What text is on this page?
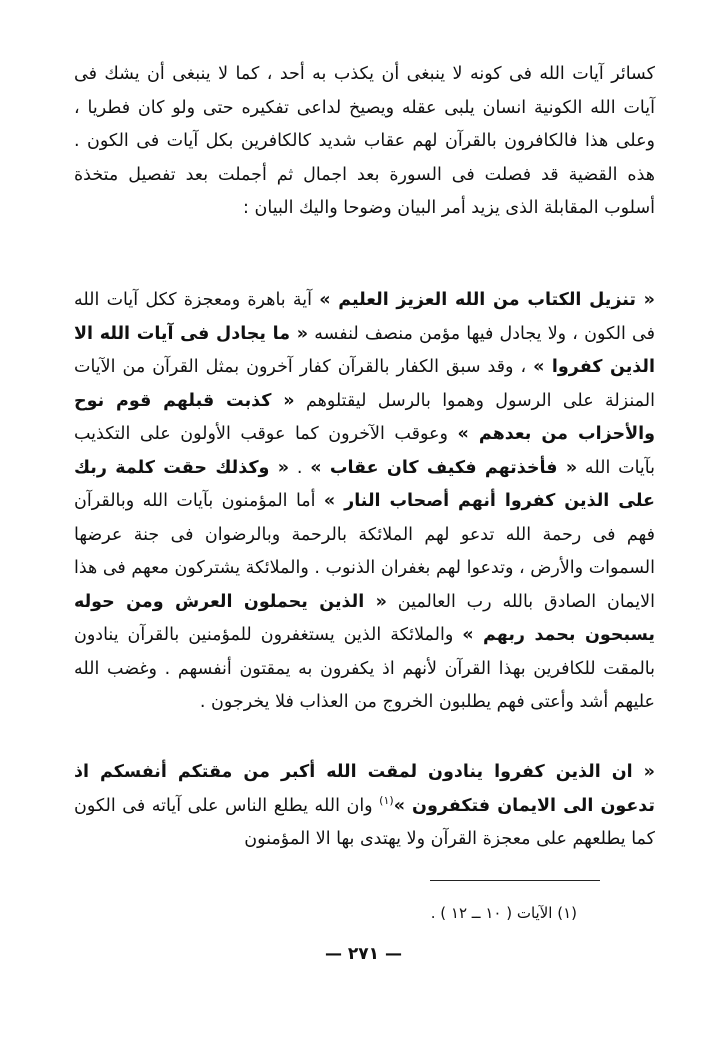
كسائر آيات الله فى كونه لا ينبغى أن يكذب به أحد ، كما لا ينبغى أن يشك فى آيات الله الكونية انسان يلبى عقله ويصيخ لداعى تفكيره حتى ولو كان فطريا ، وعلى هذا فالكافرون بالقرآن لهم عقاب شديد كالكافرين بكل آيات فى الكون . هذه القضية قد فصلت فى السورة بعد اجمال ثم أجملت بعد تفصيل متخذة أسلوب المقابلة الذى يزيد أمر البيان وضوحا واليك البيان :

« تنزيل الكتاب من الله العزيز العليم » آية باهرة ومعجزة ككل آيات الله فى الكون ، ولا يجادل فيها مؤمن منصف لنفسه « ما يجادل فى آيات الله الا الذين كفروا » ، وقد سبق الكفار بالقرآن كفار آخرون بمثل القرآن من الآيات المنزلة على الرسول وهموا بالرسل ليقتلوهم « كذبت قبلهم قوم نوح والأحزاب من بعدهم » وعوقب الآخرون كما عوقب الأولون على التكذيب بآيات الله « فأخذتهم فكيف كان عقاب » . « وكذلك حقت كلمة ربك على الذين كفروا أنهم أصحاب النار » أما المؤمنون بآيات الله وبالقرآن فهم فى رحمة الله تدعو لهم الملائكة بالرحمة وبالرضوان فى جنة عرضها السموات والأرض ، وتدعوا لهم بغفران الذنوب . والملائكة يشتركون معهم فى هذا الايمان الصادق بالله رب العالمين « الذين يحملون العرش ومن حوله يسبحون بحمد ربهم » والملائكة الذين يستغفرون للمؤمنين بالقرآن ينادون بالمقت للكافرين بهذا القرآن لأنهم اذ يكفرون به يمقتون أنفسهم . وغضب الله عليهم أشد وأعتى فهم يطلبون الخروج من العذاب فلا يخرجون .

« ان الذين كفروا ينادون لمقت الله أكبر من مقتكم أنفسكم اذ تدعون الى الايمان فتكفرون »$^{(١)}$ وان الله يطلع الناس على آياته فى الكون كما يطلعهم على معجزة القرآن ولا يهتدى بها الا المؤمنون

(١) الآيات ( ١٠ ــ ١٢ ) .
— ٢٧١ —
